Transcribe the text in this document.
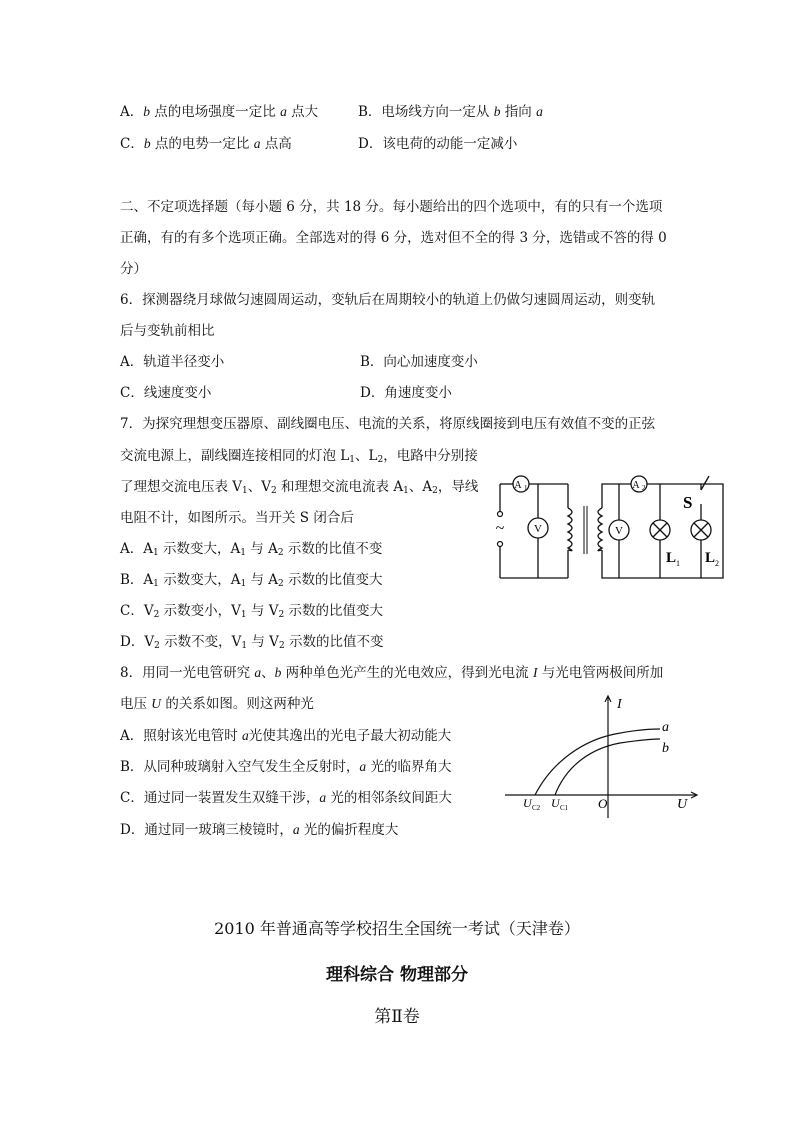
A．b 点的电场强度一定比 a 点大	B．电场线方向一定从 b 指向 a
C．b 点的电势一定比 a 点高	D．该电荷的动能一定减小
二、不定项选择题（每小题 6 分，共 18 分。每小题给出的四个选项中，有的只有一个选项
正确，有的有多个选项正确。全部选对的得 6 分，选对但不全的得 3 分，选错或不答的得 0
分）
6．探测器绕月球做匀速圆周运动，变轨后在周期较小的轨道上仍做匀速圆周运动，则变轨
后与变轨前相比
A．轨道半径变小	B．向心加速度变小
C．线速度变小	D．角速度变小
7．为探究理想变压器原、副线圈电压、电流的关系，将原线圈接到电压有效值不变的正弦
交流电源上，副线圈连接相同的灯泡 $L_1$、$L_2$，电路中分别接
了理想交流电压表 $V_1$、$V_2$ 和理想交流电流表 $A_1$、$A_2$，导线
电阻不计，如图所示。当开关 S 闭合后
A．$A_1$ 示数变大，$A_1$ 与 $A_2$ 示数的比值不变
B．$A_1$ 示数变大，$A_1$ 与 $A_2$ 示数的比值变大
C．$V_2$ 示数变小，$V_1$ 与 $V_2$ 示数的比值变大
D．$V_2$ 示数不变，$V_1$ 与 $V_2$ 示数的比值不变
~
A 1	A 2
V	V
S
L 1 L 2
8．用同一光电管研究 a、b 两种单色光产生的光电效应，得到光电流 I 与光电管两极间所加
电压 U 的关系如图。则这两种光
A．照射该光电管时 a光使其逸出的光电子最大初动能大
B．从同种玻璃射入空气发生全反射时，a 光的临界角大
C．通过同一装置发生双缝干涉，a 光的相邻条纹间距大
D．通过同一玻璃三棱镜时，a 光的偏折程度大
I
U
O
a
b
U C2 U C1
2010 年普通高等学校招生全国统一考试（天津卷）
理科综合 物理部分
第Ⅱ卷
